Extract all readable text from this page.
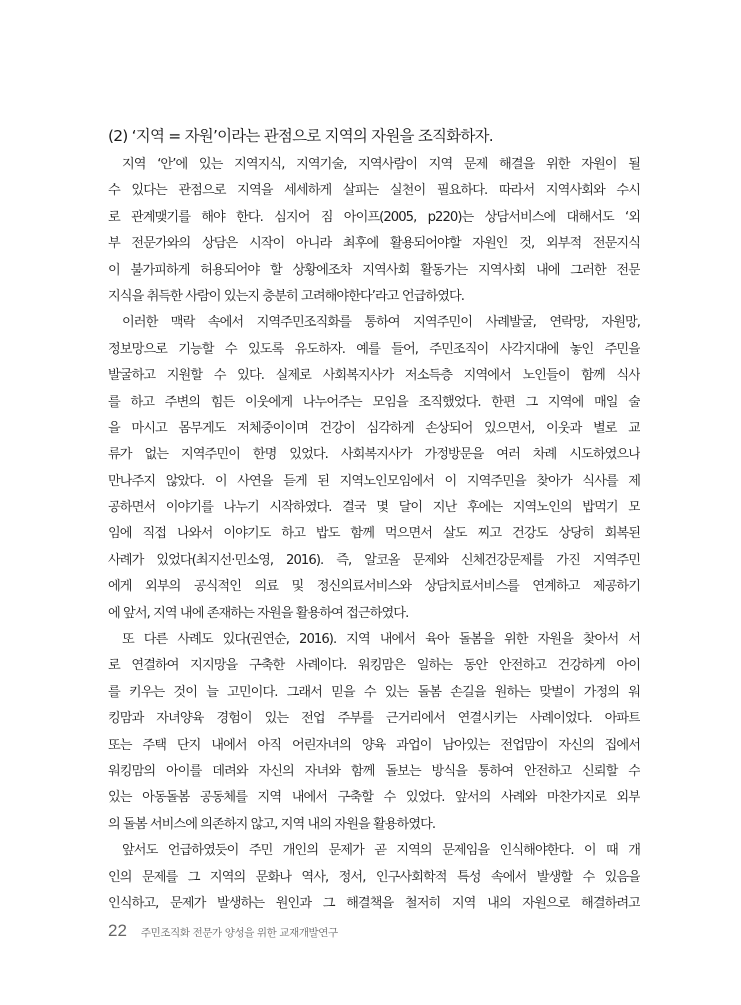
(2) ‘지역 = 자원’이라는 관점으로 지역의 자원을 조직화하자.
지역 ‘안’에 있는 지역지식, 지역기술, 지역사람이 지역 문제 해결을 위한 자원이 될
수 있다는 관점으로 지역을 세세하게 살피는 실천이 필요하다. 따라서 지역사회와 수시
로 관계맺기를 해야 한다. 심지어 짐 아이프(2005, p220)는 상담서비스에 대해서도 ‘외
부 전문가와의 상담은 시작이 아니라 최후에 활용되어야할 자원인 것, 외부적 전문지식
이 불가피하게 허용되어야 할 상황에조차 지역사회 활동가는 지역사회 내에 그러한 전문
지식을 취득한 사람이 있는지 충분히 고려해야한다’라고 언급하였다.
이러한 맥락 속에서 지역주민조직화를 통하여 지역주민이 사례발굴, 연락망, 자원망,
정보망으로 기능할 수 있도록 유도하자. 예를 들어, 주민조직이 사각지대에 놓인 주민을
발굴하고 지원할 수 있다. 실제로 사회복지사가 저소득층 지역에서 노인들이 함께 식사
를 하고 주변의 힘든 이웃에게 나누어주는 모임을 조직했었다. 한편 그 지역에 매일 술
을 마시고 몸무게도 저체중이이며 건강이 심각하게 손상되어 있으면서, 이웃과 별로 교
류가 없는 지역주민이 한명 있었다. 사회복지사가 가정방문을 여러 차례 시도하였으나
만나주지 않았다. 이 사연을 듣게 된 지역노인모임에서 이 지역주민을 찾아가 식사를 제
공하면서 이야기를 나누기 시작하였다. 결국 몇 달이 지난 후에는 지역노인의 밥먹기 모
임에 직접 나와서 이야기도 하고 밥도 함께 먹으면서 살도 찌고 건강도 상당히 회복된
사례가 있었다(최지선·민소영, 2016). 즉, 알코올 문제와 신체건강문제를 가진 지역주민
에게 외부의 공식적인 의료 및 정신의료서비스와 상담치료서비스를 연계하고 제공하기
에 앞서, 지역 내에 존재하는 자원을 활용하여 접근하였다.
또 다른 사례도 있다(권연순, 2016). 지역 내에서 육아 돌봄을 위한 자원을 찾아서 서
로 연결하여 지지망을 구축한 사례이다. 워킹맘은 일하는 동안 안전하고 건강하게 아이
를 키우는 것이 늘 고민이다. 그래서 믿을 수 있는 돌봄 손길을 원하는 맞벌이 가정의 워
킹맘과 자녀양육 경험이 있는 전업 주부를 근거리에서 연결시키는 사례이었다. 아파트
또는 주택 단지 내에서 아직 어린자녀의 양육 과업이 남아있는 전업맘이 자신의 집에서
워킹맘의 아이를 데려와 자신의 자녀와 함께 돌보는 방식을 통하여 안전하고 신뢰할 수
있는 아동돌봄 공동체를 지역 내에서 구축할 수 있었다. 앞서의 사례와 마찬가지로 외부
의 돌봄 서비스에 의존하지 않고, 지역 내의 자원을 활용하였다.
앞서도 언급하였듯이 주민 개인의 문제가 곧 지역의 문제임을 인식해야한다. 이 때 개
인의 문제를 그 지역의 문화나 역사, 정서, 인구사회학적 특성 속에서 발생할 수 있음을
인식하고, 문제가 발생하는 원인과 그 해결책을 철저히 지역 내의 자원으로 해결하려고
22 주민조직화 전문가 양성을 위한 교재개발연구
